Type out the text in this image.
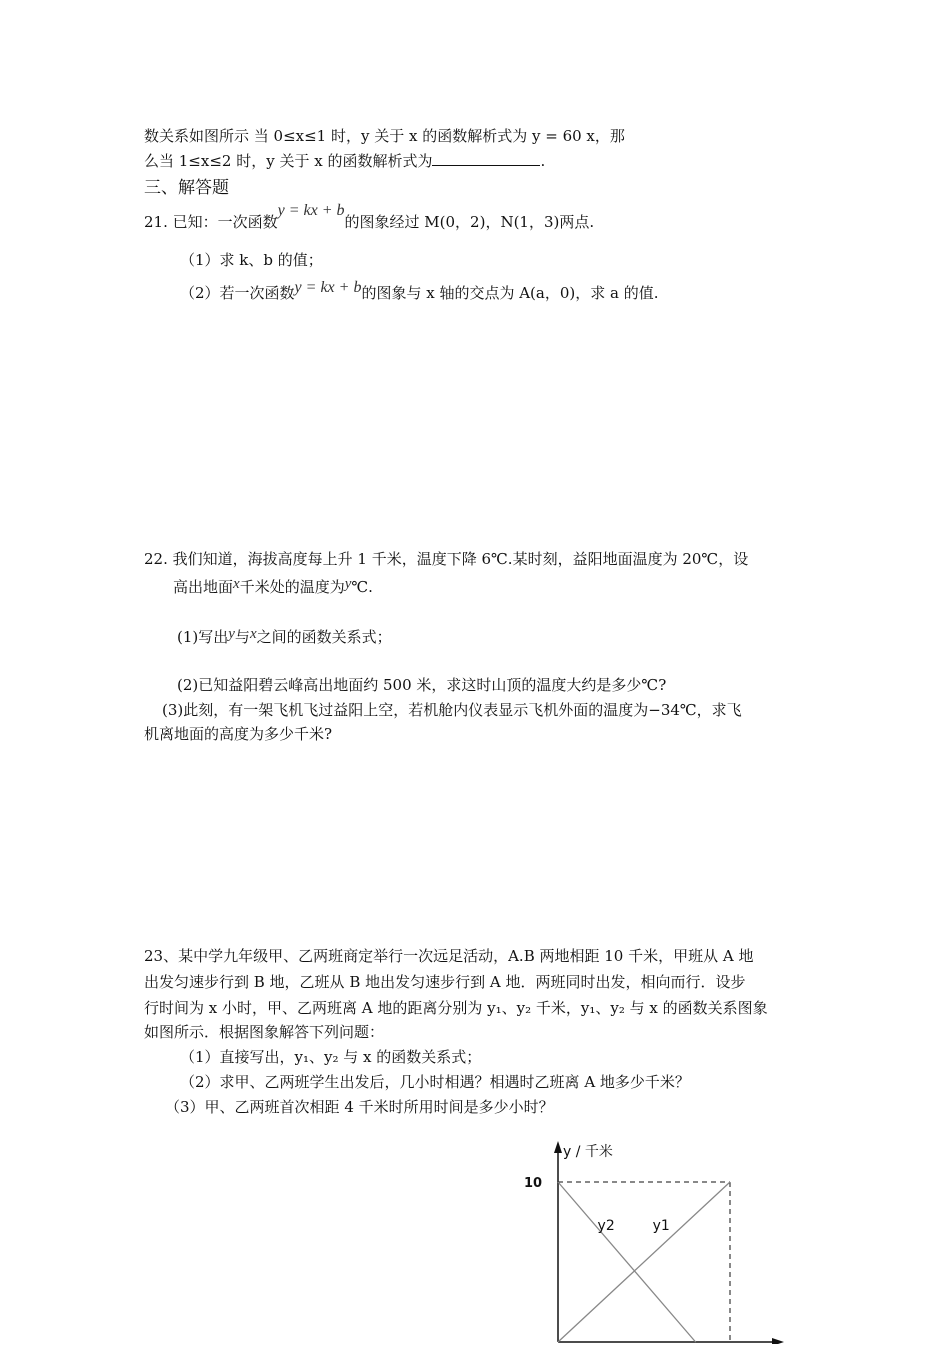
数关系如图所示 当 0≤x≤1 时，y 关于 x 的函数解析式为 y = 60 x，那
么当 1≤x≤2 时，y 关于 x 的函数解析式为	.
三、解答题
21. 已知：一次函数y = kx + b的图象经过 M(0，2)，N(1，3)两点.
（1）求 k、b 的值；
（2）若一次函数y = kx + b的图象与 x 轴的交点为 A(a，0)，求 a 的值.
22. 我们知道，海拔高度每上升 1 千米，温度下降 6℃.某时刻，益阳地面温度为 20℃，设
高出地面x千米处的温度为y℃.
(1)写出y与x之间的函数关系式；
(2)已知益阳碧云峰高出地面约 500 米，求这时山顶的温度大约是多少℃?
(3)此刻，有一架飞机飞过益阳上空，若机舱内仪表显示飞机外面的温度为−34℃，求飞
机离地面的高度为多少千米?
23、某中学九年级甲、乙两班商定举行一次远足活动，A.B 两地相距 10 千米，甲班从 A 地
出发匀速步行到 B 地，乙班从 B 地出发匀速步行到 A 地．两班同时出发，相向而行．设步
行时间为 x 小时，甲、乙两班离 A 地的距离分别为 y₁、y₂ 千米，y₁、y₂ 与 x 的函数关系图象
如图所示．根据图象解答下列问题：
（1）直接写出，y₁、y₂ 与 x 的函数关系式；
（2）求甲、乙两班学生出发后，几小时相遇？相遇时乙班离 A 地多少千米？
（3）甲、乙两班首次相距 4 千米时所用时间是多少小时？
y / 千米
10
y1
y2
